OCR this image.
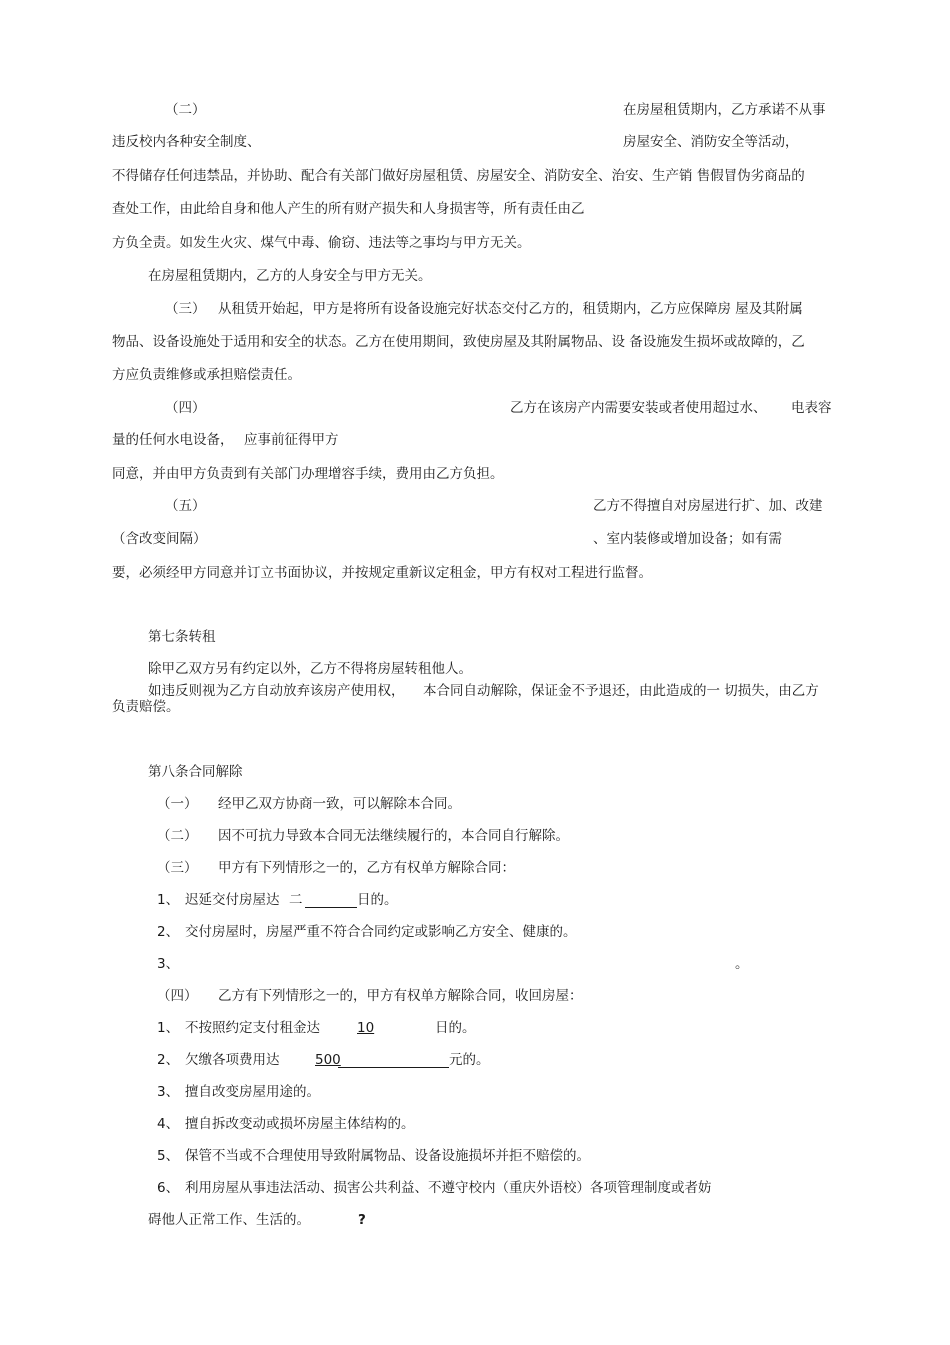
（二）	在房屋租赁期内，乙方承诺不从事
违反校内各种安全制度、	房屋安全、消防安全等活动，
不得储存任何违禁品，并协助、配合有关部门做好房屋租赁、房屋安全、消防安全、治安、生产销 售假冒伪劣商品的
查处工作，由此给自身和他人产生的所有财产损失和人身损害等，所有责任由乙
方负全责。如发生火灾、煤气中毒、偷窃、违法等之事均与甲方无关。
在房屋租赁期内，乙方的人身安全与甲方无关。
（三） 从租赁开始起，甲方是将所有设备设施完好状态交付乙方的，租赁期内，乙方应保障房 屋及其附属
物品、设备设施处于适用和安全的状态。乙方在使用期间，致使房屋及其附属物品、设 备设施发生损坏或故障的，乙
方应负责维修或承担赔偿责任。
（四）	乙方在该房产内需要安装或者使用超过水、 电表容
量的任何水电设备， 应事前征得甲方
同意，并由甲方负责到有关部门办理增容手续，费用由乙方负担。
（五）	乙方不得擅自对房屋进行扩、加、改建
（含改变间隔）	、室内装修或增加设备；如有需
要，必须经甲方同意并订立书面协议，并按规定重新议定租金，甲方有权对工程进行监督。
第七条转租
除甲乙双方另有约定以外，乙方不得将房屋转租他人。
如违反则视为乙方自动放弃该房产使用权， 本合同自动解除，保证金不予退还，由此造成的一 切损失，由乙方
负责赔偿。
第八条合同解除
（一） 经甲乙双方协商一致，可以解除本合同。
（二） 因不可抗力导致本合同无法继续履行的，本合同自行解除。
（三） 甲方有下列情形之一的，乙方有权单方解除合同：
1、 迟延交付房屋达 二	日的。
2、 交付房屋时，房屋严重不符合合同约定或影响乙方安全、健康的。
3、	。
（四） 乙方有下列情形之一的，甲方有权单方解除合同，收回房屋：
1、 不按照约定支付租金达	10	日的。
2、 欠缴各项费用达	500	元的。
3、 擅自改变房屋用途的。
4、 擅自拆改变动或损坏房屋主体结构的。
5、 保管不当或不合理使用导致附属物品、设备设施损坏并拒不赔偿的。
6、 利用房屋从事违法活动、损害公共利益、不遵守校内（重庆外语校）各项管理制度或者妨
碍他人正常工作、生活的。	?
